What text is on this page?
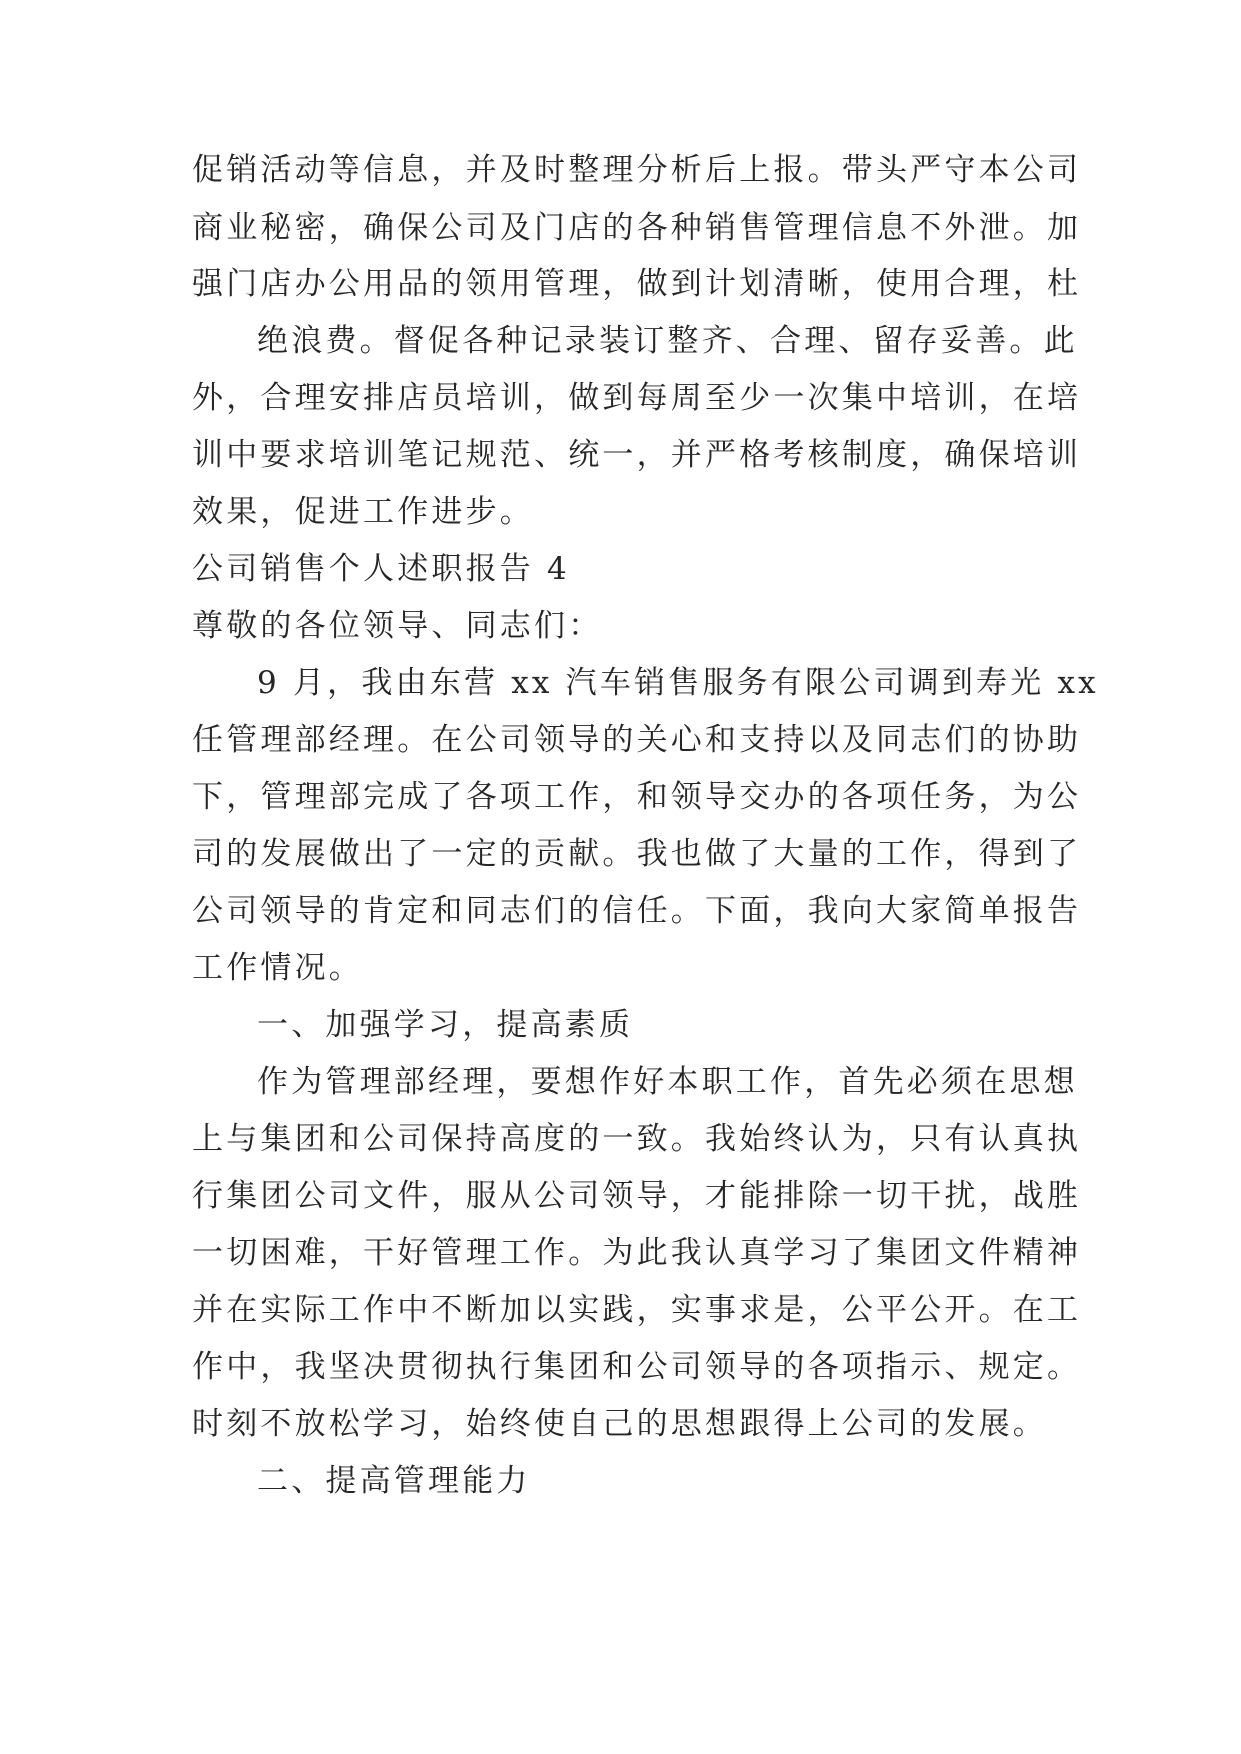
促销活动等信息，并及时整理分析后上报。带头严守本公司
商业秘密，确保公司及门店的各种销售管理信息不外泄。加
强门店办公用品的领用管理，做到计划清晰，使用合理，杜
绝浪费。督促各种记录装订整齐、合理、留存妥善。此
外，合理安排店员培训，做到每周至少一次集中培训，在培
训中要求培训笔记规范、统一，并严格考核制度，确保培训
效果，促进工作进步。
公司销售个人述职报告 4
尊敬的各位领导、同志们：
9 月，我由东营 xx 汽车销售服务有限公司调到寿光 xx
任管理部经理。在公司领导的关心和支持以及同志们的协助
下，管理部完成了各项工作，和领导交办的各项任务，为公
司的发展做出了一定的贡献。我也做了大量的工作，得到了
公司领导的肯定和同志们的信任。下面，我向大家简单报告
工作情况。
一、加强学习，提高素质
作为管理部经理，要想作好本职工作，首先必须在思想
上与集团和公司保持高度的一致。我始终认为，只有认真执
行集团公司文件，服从公司领导，才能排除一切干扰，战胜
一切困难，干好管理工作。为此我认真学习了集团文件精神
并在实际工作中不断加以实践，实事求是，公平公开。在工
作中，我坚决贯彻执行集团和公司领导的各项指示、规定。
时刻不放松学习，始终使自己的思想跟得上公司的发展。
二、提高管理能力
